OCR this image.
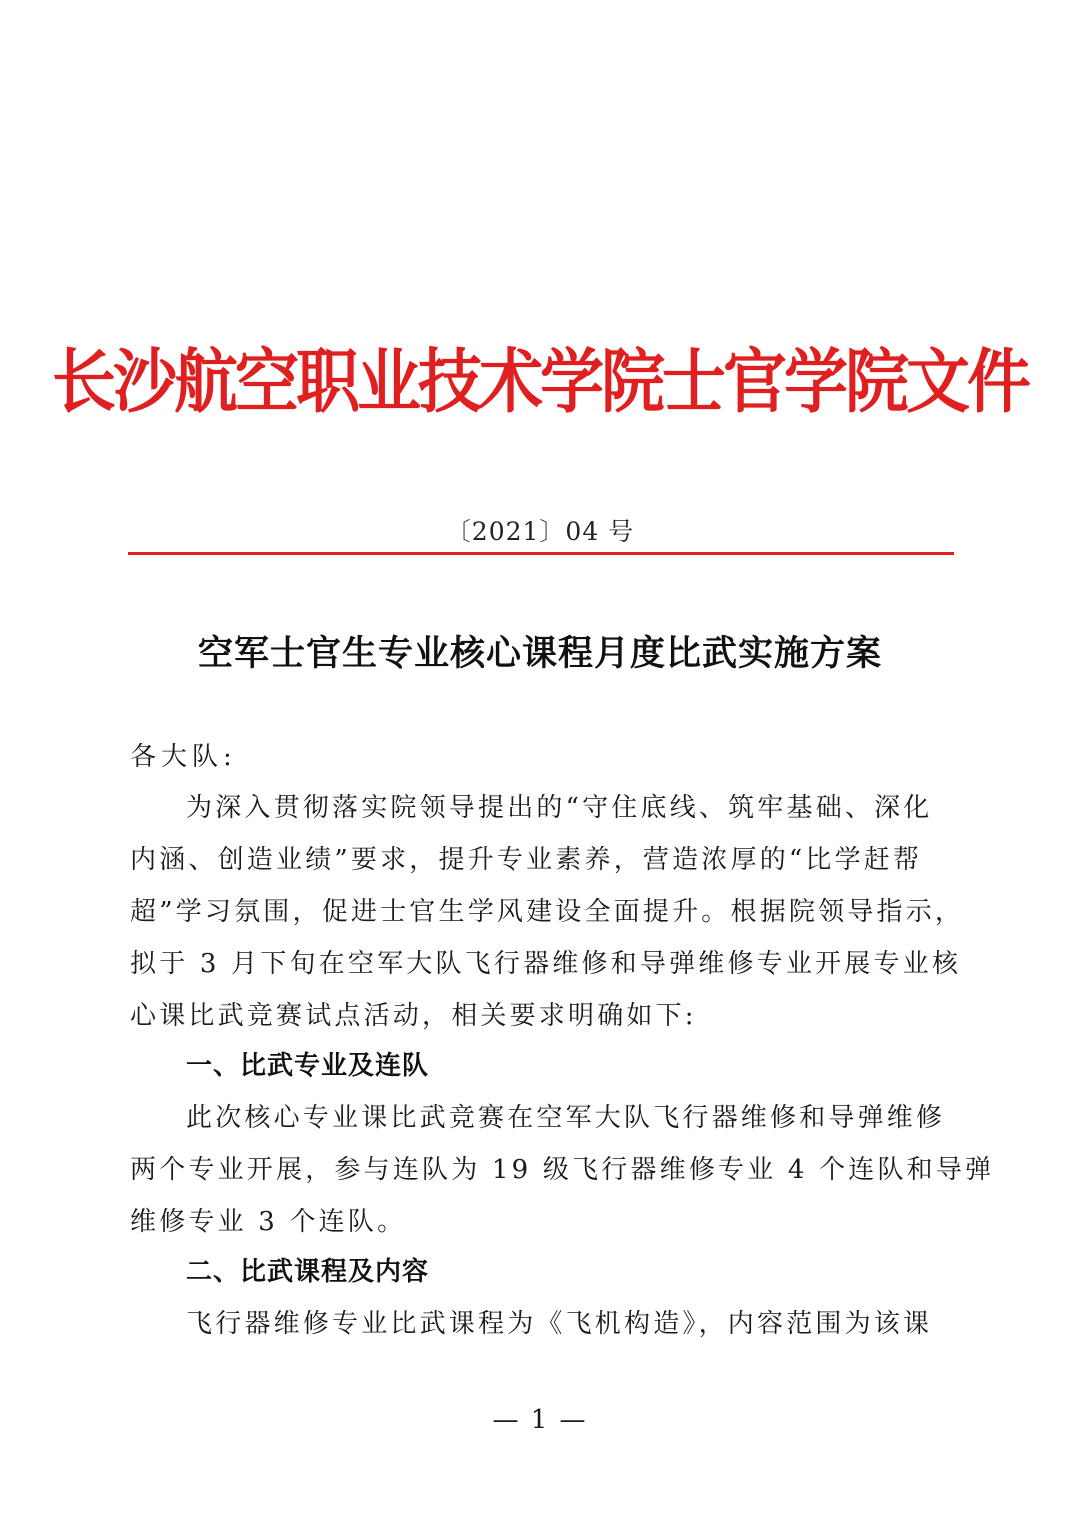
长沙航空职业技术学院士官学院文件
〔2021〕04 号
空军士官生专业核心课程月度比武实施方案
各大队:
为深入贯彻落实院领导提出的“守住底线、筑牢基础、深化
内涵、创造业绩”要求，提升专业素养，营造浓厚的“比学赶帮
超”学习氛围，促进士官生学风建设全面提升。根据院领导指示，
拟于 3 月下旬在空军大队飞行器维修和导弹维修专业开展专业核
心课比武竞赛试点活动，相关要求明确如下:
一、比武专业及连队
此次核心专业课比武竞赛在空军大队飞行器维修和导弹维修
两个专业开展，参与连队为 19 级飞行器维修专业 4 个连队和导弹
维修专业 3 个连队。
二、比武课程及内容
飞行器维修专业比武课程为《飞机构造》，内容范围为该课
— 1 —
